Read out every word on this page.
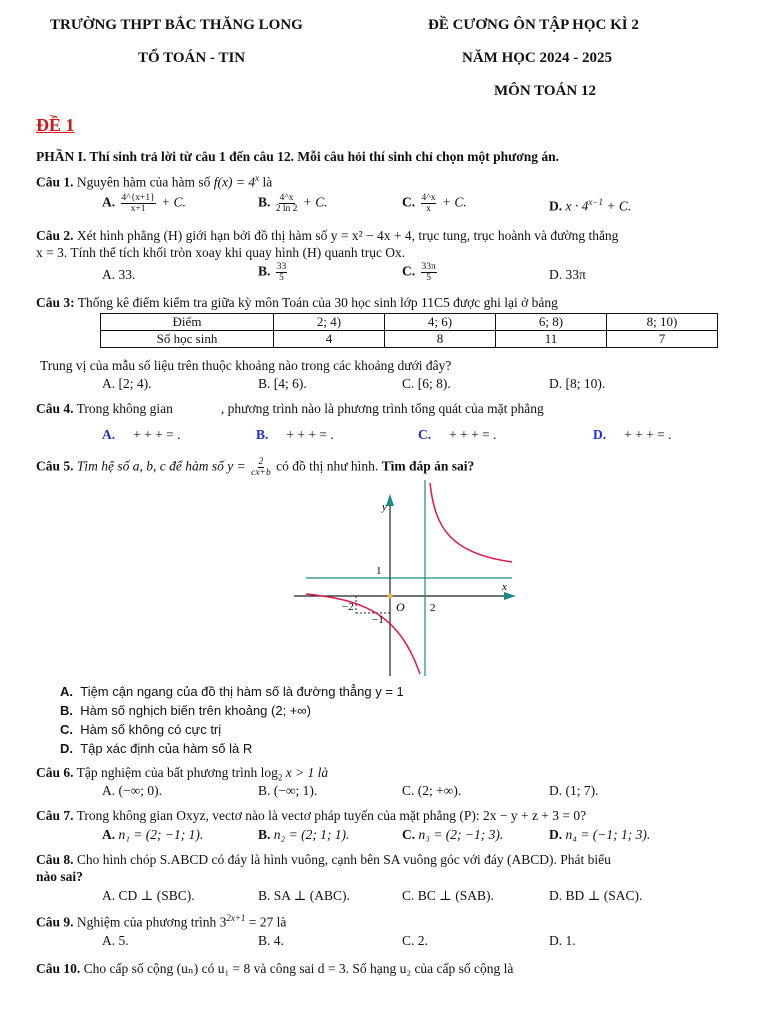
TRƯỜNG THPT BẮC THĂNG LONG
TỔ TOÁN - TIN
ĐỀ CƯƠNG ÔN TẬP HỌC KÌ 2
NĂM HỌC 2024 - 2025
MÔN TOÁN 12
ĐỀ 1
PHẦN I. Thí sinh trả lời từ câu 1 đến câu 12. Mỗi câu hỏi thí sinh chỉ chọn một phương án.
Câu 1. Nguyên hàm của hàm số $f(x) = 4^x$ là
A. $\frac{4\^{}\{x+1\}}{x+1} + C$.	B. $\frac{4\^{}x}{2 \ln 2} + C$.	C. $\frac{4\^{}x}{x} + C$.	D. $x \cdot 4^{x-1} + C$.
Câu 2. Xét hình phẳng (H) giới hạn bởi đồ thị hàm số y = x² − 4x + 4, trục tung, trục hoành và đường thẳng
x = 3. Tính thể tích khối tròn xoay khi quay hình (H) quanh trục Ox.
A. 33.	B. $\frac{33}{5}$	C. $\frac{33\pi}{5}$	D. 33π
Câu 3: Thống kê điểm kiểm tra giữa kỳ môn Toán của 30 học sinh lớp 11C5 được ghi lại ở bảng
Điểm	2; 4)	4; 6)	6; 8)	8; 10)
Số học sinh	4	8	11	7
Trung vị của mẫu số liệu trên thuộc khoảng nào trong các khoảng dưới đây?
A. [2; 4).	B. [4; 6).	C. [6; 8).	D. [8; 10).
Câu 4. Trong không gian	, phương trình nào là phương trình tổng quát của mặt phẳng
A. + + + = .	B. + + + = .	C. + + + = .	D. + + + = .
Câu 5. Tìm hệ số a, b, c để hàm số $y = \frac{2}{cx+b}$ có đồ thị như hình. Tìm đáp án sai?
y
x
1
−2	O 2
−1
A. Tiệm cận ngang của đồ thị hàm số là đường thẳng y = 1
B. Hàm số nghịch biến trên khoảng (2; +∞)
C. Hàm số không có cực trị
D. Tập xác định của hàm số là R
Câu 6. Tập nghiệm của bất phương trình $\log_2 x > 1$ là
A. (−∞; 0).	B. (−∞; 1).	C. (2; +∞).	D. (1; 7).
Câu 7. Trong không gian Oxyz, vectơ nào là vectơ pháp tuyến của mặt phẳng (P): 2x − y + z + 3 = 0?
A. n₁ = (2; −1; 1).	B. n₂ = (2; 1; 1).	C. n₃ = (2; −1; 3).	D. n₄ = (−1; 1; 3).
Câu 8. Cho hình chóp S.ABCD có đáy là hình vuông, cạnh bên SA vuông góc với đáy (ABCD). Phát biểu
nào sai?
A. CD ⊥ (SBC).	B. SA ⊥ (ABC).	C. BC ⊥ (SAB).	D. BD ⊥ (SAC).
Câu 9. Nghiệm của phương trình $3^{2x+1} = 27$ là
A. 5.	B. 4.	C. 2.	D. 1.
Câu 10. Cho cấp số cộng (uₙ) có u₁ = 8 và công sai d = 3. Số hạng u₂ của cấp số cộng là
